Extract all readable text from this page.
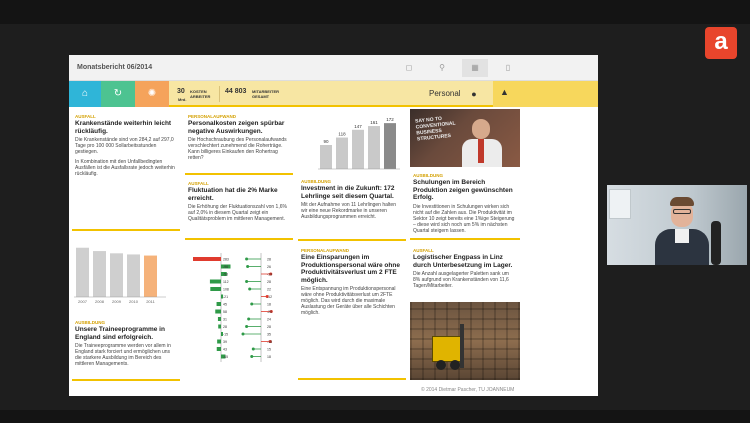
a
Monatsbericht 06/2014	◻	⚲	▦	▯
⌂	↻	✺	30
Mrd.
KOSTEN
ARBEITER
44 803 MITARBEITER
GESAMT	Personal	●	▲
AUSFALL
Krankenstände weiterhin leicht rückläufig.
Die Krankenstände sind von 284,2 auf 297,0 Tage pro 100 000 Sollarbeitsstunden gestiegen.
In Kombination mit den Unfallbedingten Ausfällen ist die Ausfallsrate jedoch weiterhin rückläufig.
2007 2008 2009 2010 2011
AUSBILDUNG
Unsere Traineeprogramme in England sind erfolgreich.
Die Traineeprogramme werden vor allem in England stark forciert und ermöglichen uns die starkere Ausbildung im Bereich des mittleren Managements.
PERSONALAUFWAND
Personalkosten zeigen spürbar negative Auswirkungen.
Die Hochschraubung des Personalaufwands verschlechtert zunehmend die Roherträge. Kann billigeres Einkaufen den Rohertrag retten?
AUSFALL
Fluktuation hat die 2% Marke erreicht.
Die Erhöhung der Fluktuationszahl von 1,6% auf 2,0% in diesem Quartal zeigt ein Qualitätsproblem im mittleren Management.
283
-96
-58
112
108
-21
45
58
31
28
-15
39
43
-45
28
26
-19
28
22
-12
18
-20
24
28
35
-18
15
18
90
118
147
161
172
AUSBILDUNG
Investment in die Zukunft: 172 Lehrlinge seit diesem Quartal.
Mit der Aufnahme von 11 Lehrlingen halten wir eine neue Rekordmarke in unseren Ausbildungsprogrammen erreicht.
PERSONALAUFWAND
Eine Einsparungen im Produktionspersonal wäre ohne Produktivitätsverlust um 2 FTE möglich.
Eine Entspannung im Produktionspersonal wäre ohne Produktivitätsverlust um 2FTE möglich. Das wird durch die maximale Auslastung der Geräte über alle Schichten möglich.
SAY NO TO CONVENTIONAL BUSINESS STRUCTURES
AUSBILDUNG
Schulungen im Bereich Produktion zeigen gewünschten Erfolg.
Die Investitionen in Schulungen wirken sich nicht auf die Zahlen aus. Die Produktivität im Sektor 10 zeigt bereits eine 1%ige Steigerung – diese wird sich noch um 5% im nächsten Quartal steigern lassen.
AUSFALL
Logistischer Engpass in Linz durch Unterbesetzung im Lager.
Die Anzahl ausgelagerter Paletten sank um 8% aufgrund von Krankenständen von 11,6 Tagen/Mitarbeiter.
© 2014 Dietmar Pascher, TU JOANNEUM
